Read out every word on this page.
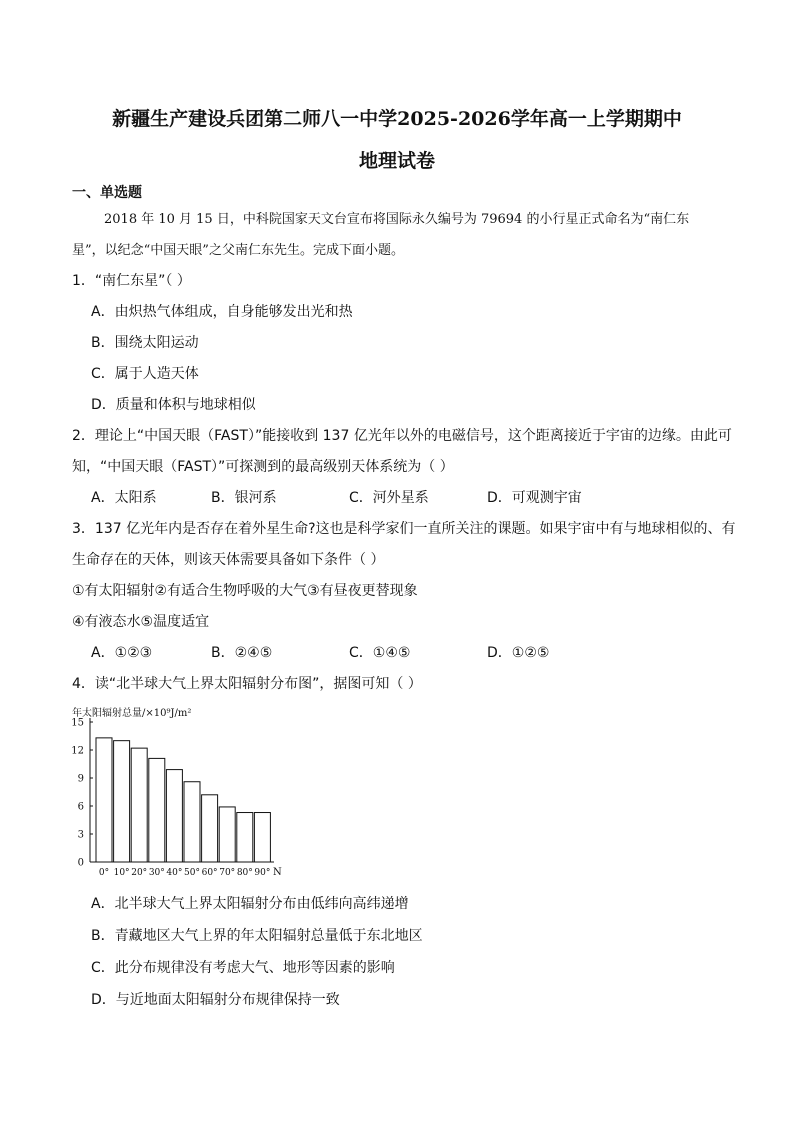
新疆生产建设兵团第二师八一中学2025-2026学年高一上学期期中
地理试卷
一、单选题
2018 年 10 月 15 日，中科院国家天文台宣布将国际永久编号为 79694 的小行星正式命名为“南仁东
星”，以纪念“中国天眼”之父南仁东先生。完成下面小题。
1．“南仁东星”（ ）
A．由炽热气体组成，自身能够发出光和热
B．围绕太阳运动
C．属于人造天体
D．质量和体积与地球相似
2．理论上“中国天眼（FAST）”能接收到 137 亿光年以外的电磁信号，这个距离接近于宇宙的边缘。由此可
知，“中国天眼（FAST）”可探测到的最高级别天体系统为（ ）
A．太阳系	B．银河系	C．河外星系	D．可观测宇宙
3．137 亿光年内是否存在着外星生命?这也是科学家们一直所关注的课题。如果宇宙中有与地球相似的、有
生命存在的天体，则该天体需要具备如下条件（ ）
①有太阳辐射②有适合生物呼吸的大气③有昼夜更替现象
④有液态水⑤温度适宜
A．①②③	B．②④⑤	C．①④⑤	D．①②⑤
4．读“北半球大气上界太阳辐射分布图”，据图可知（ ）
年太阳辐射总量/×10⁹J/m²
0
3
6
9
12
15
0° 10° 20° 30° 40° 50° 60° 70° 80° 90° N
A．北半球大气上界太阳辐射分布由低纬向高纬递增
B．青藏地区大气上界的年太阳辐射总量低于东北地区
C．此分布规律没有考虑大气、地形等因素的影响
D．与近地面太阳辐射分布规律保持一致
